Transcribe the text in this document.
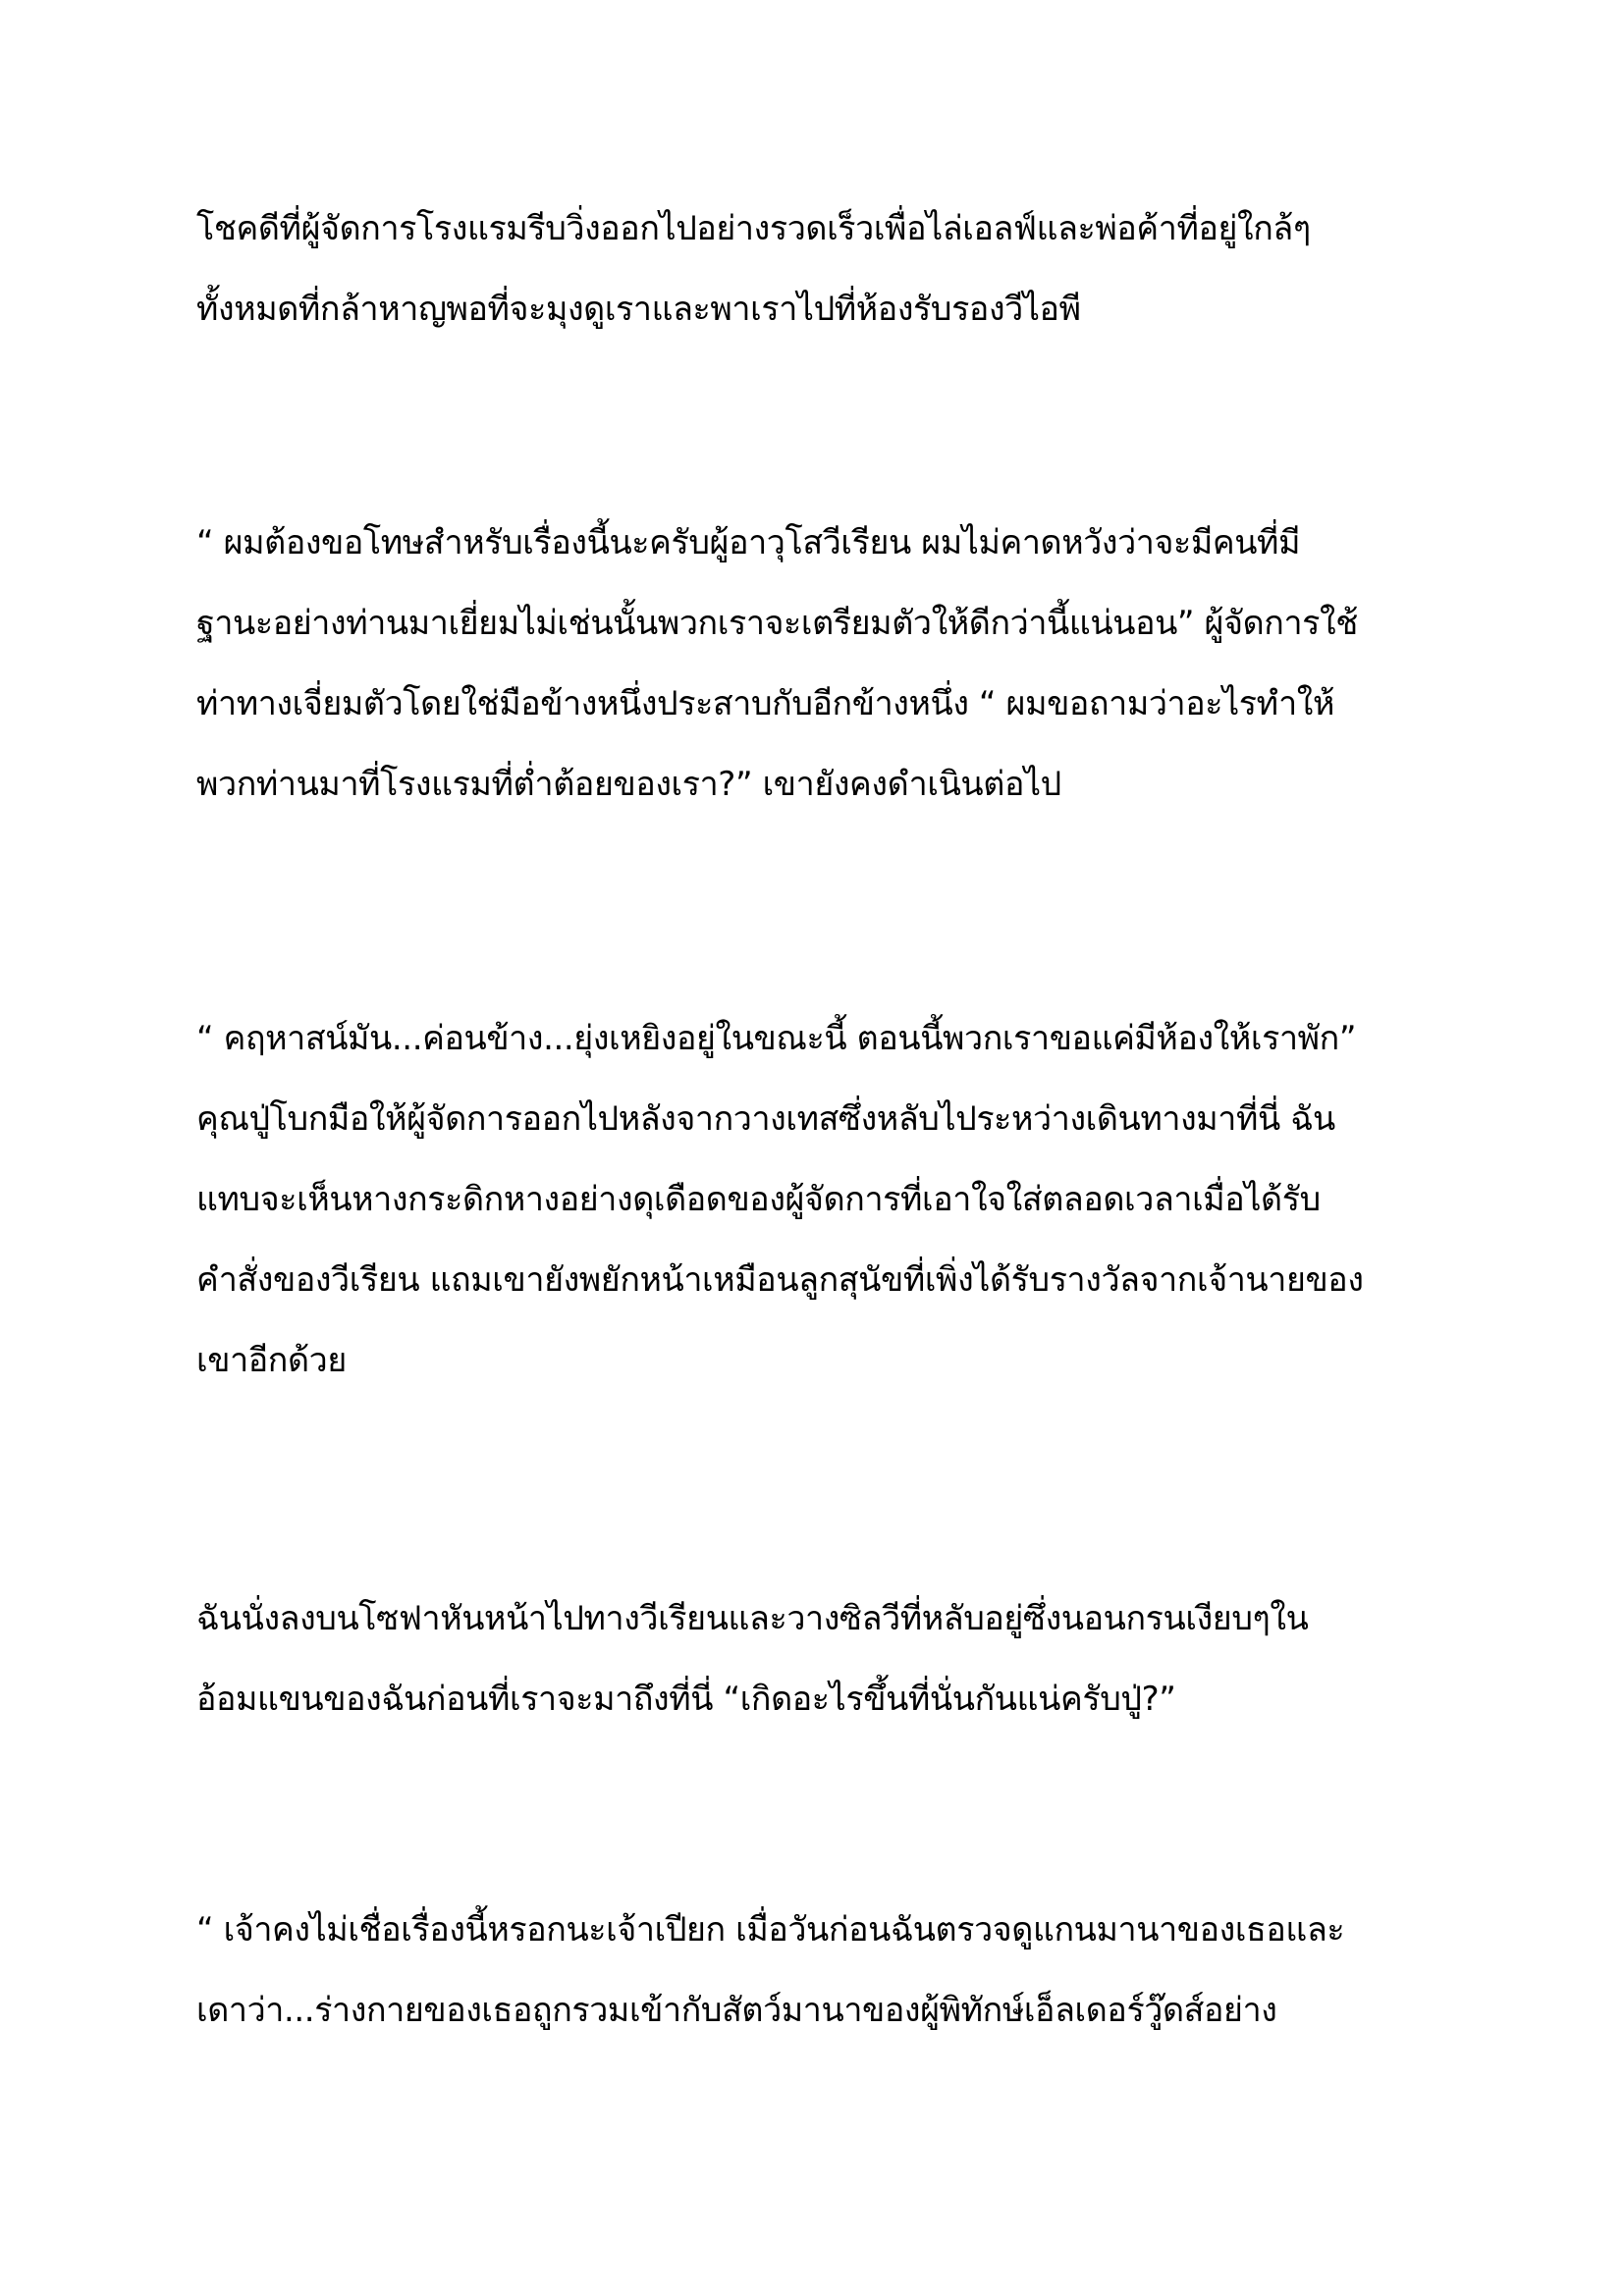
โชคดีที่ผู้จัดการโรงแรมรีบวิ่งออกไปอย่างรวดเร็วเพื่อไล่เอลฟ์และพ่อค้าที่อยู่ใกล้ๆ
ทั้งหมดที่กล้าหาญพอที่จะมุงดูเราและพาเราไปที่ห้องรับรองวีไอพี
“ ผมต้องขอโทษสำหรับเรื่องนี้นะครับผู้อาวุโสวีเรียน ผมไม่คาดหวังว่าจะมีคนที่มี
ฐานะอย่างท่านมาเยี่ยมไม่เช่นนั้นพวกเราจะเตรียมตัวให้ดีกว่านี้แน่นอน” ผู้จัดการใช้
ท่าทางเจี่ยมตัวโดยใช่มือข้างหนึ่งประสาบกับอีกข้างหนึ่ง “ ผมขอถามว่าอะไรทำให้
พวกท่านมาที่โรงแรมที่ต่ำต้อยของเรา?” เขายังคงดำเนินต่อไป
“ คฤหาสน์มัน...ค่อนข้าง...ยุ่งเหยิงอยู่ในขณะนี้ ตอนนี้พวกเราขอแค่มีห้องให้เราพัก”
คุณปู่โบกมือให้ผู้จัดการออกไปหลังจากวางเทสซึ่งหลับไประหว่างเดินทางมาที่นี่ ฉัน
แทบจะเห็นหางกระดิกหางอย่างดุเดือดของผู้จัดการที่เอาใจใส่ตลอดเวลาเมื่อได้รับ
คำสั่งของวีเรียน แถมเขายังพยักหน้าเหมือนลูกสุนัขที่เพิ่งได้รับรางวัลจากเจ้านายของ
เขาอีกด้วย
ฉันนั่งลงบนโซฟาหันหน้าไปทางวีเรียนและวางซิลวีที่หลับอยู่ซึ่งนอนกรนเงียบๆใน
อ้อมแขนของฉันก่อนที่เราจะมาถึงที่นี่ “เกิดอะไรขึ้นที่นั่นกันแน่ครับปู่?”
“ เจ้าคงไม่เชื่อเรื่องนี้หรอกนะเจ้าเปียก เมื่อวันก่อนฉันตรวจดูแกนมานาของเธอและ
เดาว่า...ร่างกายของเธอถูกรวมเข้ากับสัตว์มานาของผู้พิทักษ์เอ็ลเดอร์วู๊ดส์อย่าง
